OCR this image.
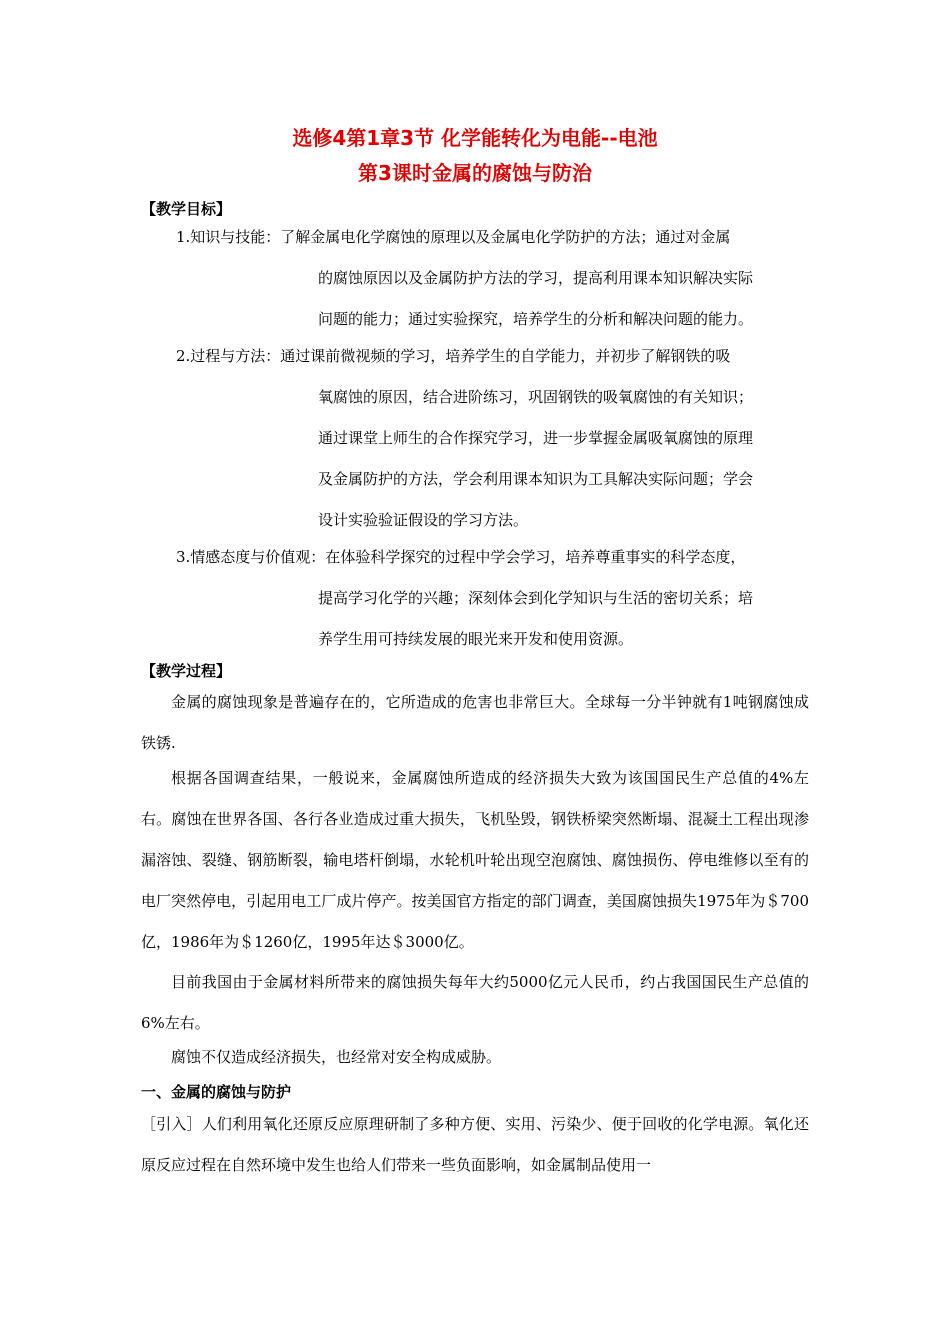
选修4第1章3节 化学能转化为电能--电池
第3课时金属的腐蚀与防治
【教学目标】
1.知识与技能：了解金属电化学腐蚀的原理以及金属电化学防护的方法；通过对金属
的腐蚀原因以及金属防护方法的学习，提高利用课本知识解决实际
问题的能力；通过实验探究，培养学生的分析和解决问题的能力。
2.过程与方法：通过课前微视频的学习，培养学生的自学能力，并初步了解钢铁的吸
氧腐蚀的原因，结合进阶练习，巩固钢铁的吸氧腐蚀的有关知识；
通过课堂上师生的合作探究学习，进一步掌握金属吸氧腐蚀的原理
及金属防护的方法，学会利用课本知识为工具解决实际问题；学会
设计实验验证假设的学习方法。
3.情感态度与价值观：在体验科学探究的过程中学会学习，培养尊重事实的科学态度，
提高学习化学的兴趣；深刻体会到化学知识与生活的密切关系；培
养学生用可持续发展的眼光来开发和使用资源。
【教学过程】

金属的腐蚀现象是普遍存在的，它所造成的危害也非常巨大。全球每一分半钟就有1吨钢腐蚀成铁锈.

根据各国调查结果，一般说来，金属腐蚀所造成的经济损失大致为该国国民生产总值的4%左右。腐蚀在世界各国、各行各业造成过重大损失，飞机坠毁，钢铁桥梁突然断塌、混凝土工程出现渗漏溶蚀、裂缝、钢筋断裂，输电塔杆倒塌，水轮机叶轮出现空泡腐蚀、腐蚀损伤、停电维修以至有的电厂突然停电，引起用电工厂成片停产。按美国官方指定的部门调查，美国腐蚀损失1975年为＄700亿，1986年为＄1260亿，1995年达＄3000亿。

目前我国由于金属材料所带来的腐蚀损失每年大约5000亿元人民币，约占我国国民生产总值的6%左右。

腐蚀不仅造成经济损失，也经常对安全构成威胁。

一、金属的腐蚀与防护

［引入］人们利用氧化还原反应原理研制了多种方便、实用、污染少、便于回收的化学电源。氧化还原反应过程在自然环境中发生也给人们带来一些负面影响，如金属制品使用一
